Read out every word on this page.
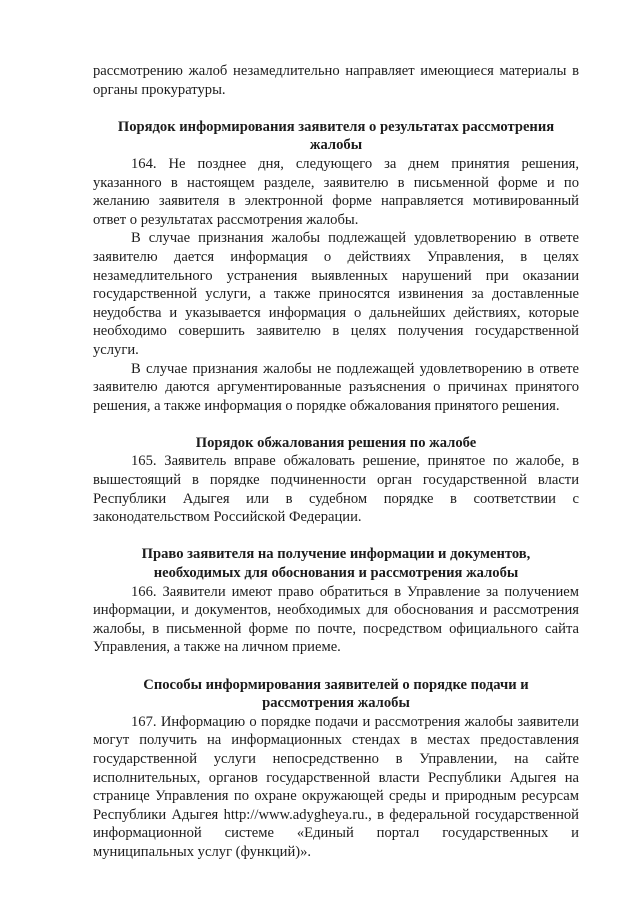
рассмотрению жалоб незамедлительно направляет имеющиеся материалы в органы прокуратуры.

Порядок информирования заявителя о результатах рассмотрения жалобы

164. Не позднее дня, следующего за днем принятия решения, указанного в настоящем разделе, заявителю в письменной форме и по желанию заявителя в электронной форме направляется мотивированный ответ о результатах рассмотрения жалобы.

В случае признания жалобы подлежащей удовлетворению в ответе заявителю дается информация о действиях Управления, в целях незамедлительного устранения выявленных нарушений при оказании государственной услуги, а также приносятся извинения за доставленные неудобства и указывается информация о дальнейших действиях, которые необходимо совершить заявителю в целях получения государственной услуги.

В случае признания жалобы не подлежащей удовлетворению в ответе заявителю даются аргументированные разъяснения о причинах принятого решения, а также информация о порядке обжалования принятого решения.

Порядок обжалования решения по жалобе

165. Заявитель вправе обжаловать решение, принятое по жалобе, в вышестоящий в порядке подчиненности орган государственной власти Республики Адыгея или в судебном порядке в соответствии с законодательством Российской Федерации.

Право заявителя на получение информации и документов, необходимых для обоснования и рассмотрения жалобы

166. Заявители имеют право обратиться в Управление за получением информации, и документов, необходимых для обоснования и рассмотрения жалобы, в письменной форме по почте, посредством официального сайта Управления, а также на личном приеме.

Способы информирования заявителей о порядке подачи и рассмотрения жалобы

167. Информацию о порядке подачи и рассмотрения жалобы заявители могут получить на информационных стендах в местах предоставления государственной услуги непосредственно в Управлении, на сайте исполнительных, органов государственной власти Республики Адыгея на странице Управления по охране окружающей среды и природным ресурсам Республики Адыгея http://www.adygheya.ru., в федеральной государственной информационной системе «Единый портал государственных и муниципальных услуг (функций)».
